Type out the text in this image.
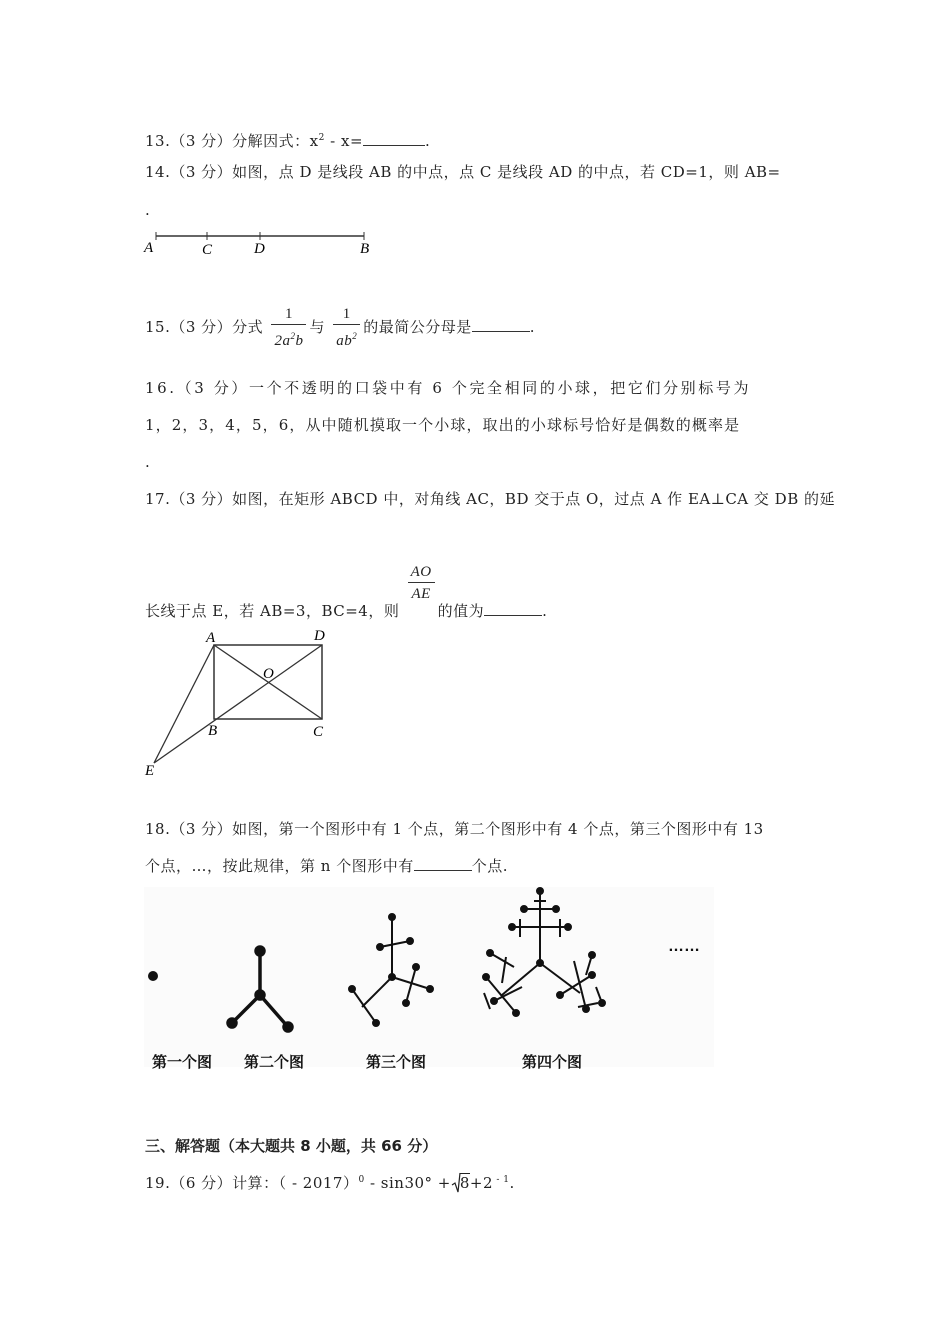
13.（3 分）分解因式：$x^2 - x=$	.
14.（3 分）如图，点 D 是线段 AB 的中点，点 C 是线段 AD 的中点，若 CD=1，则 AB=
.
A	C	D	B
15.（3 分）分式 $\frac{1}{2a^2b}$ 与 $\frac{1}{ab^2}$ 的最简公分母是	.
16.（3 分）一个不透明的口袋中有 6 个完全相同的小球，把它们分别标号为
1，2，3，4，5，6，从中随机摸取一个小球，取出的小球标号恰好是偶数的概率是
.
17.（3 分）如图，在矩形 ABCD 中，对角线 AC，BD 交于点 O，过点 A 作 EA⊥CA 交 DB 的延
长线于点 E，若 AB=3，BC=4，则
$\frac{AO}{AE}$
的值为	.
A	D
O
B	C
E
18.（3 分）如图，第一个图形中有 1 个点，第二个图形中有 4 个点，第三个图形中有 13
个点，…，按此规律，第 n 个图形中有	个点.
……
第一个图 第二个图	第三个图	第四个图
三、解答题（本大题共 8 小题，共 66 分）
19.（6 分）计算：（ - 2017）$^0$ - sin30° + 8+2 $^{- 1}$.
